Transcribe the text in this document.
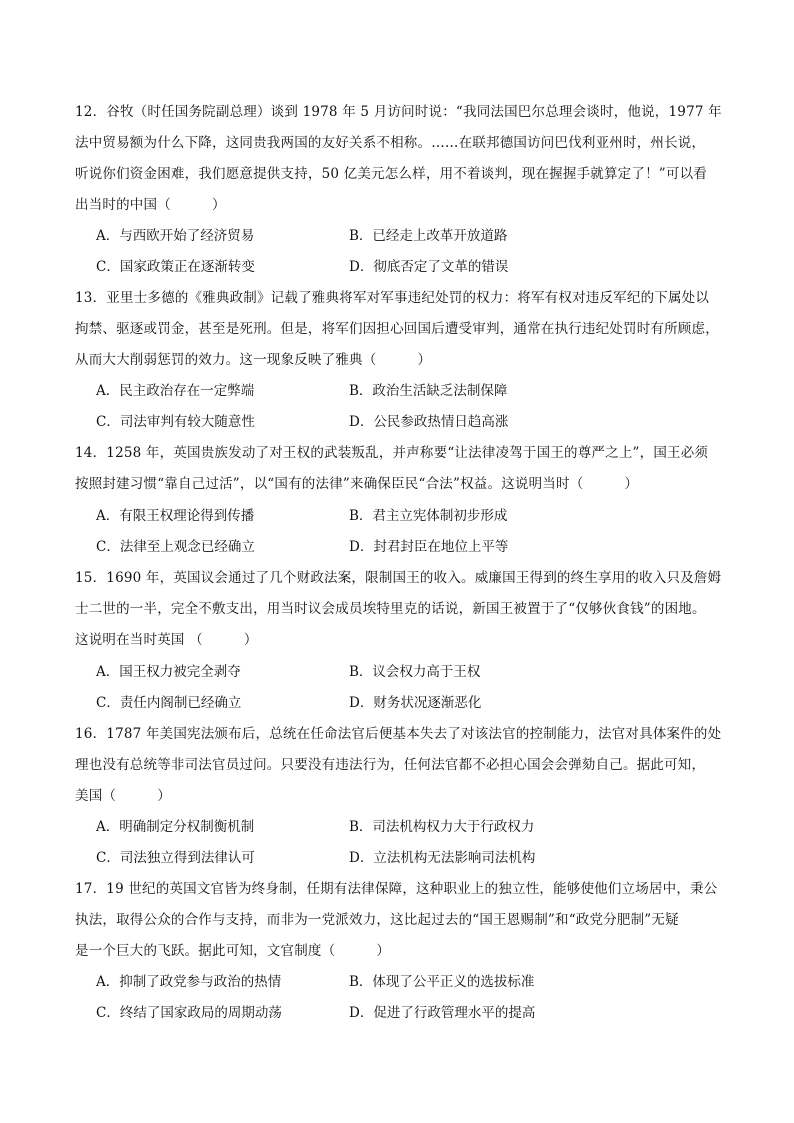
12．谷牧（时任国务院副总理）谈到 1978 年 5 月访问时说：“我同法国巴尔总理会谈时，他说，1977 年
法中贸易额为什么下降，这同贵我两国的友好关系不相称。……在联邦德国访问巴伐利亚州时，州长说，
听说你们资金困难，我们愿意提供支持，50 亿美元怎么样，用不着谈判，现在握握手就算定了！”可以看
出当时的中国（　　　）
A．与西欧开始了经济贸易	B．已经走上改革开放道路
C．国家政策正在逐渐转变	D．彻底否定了文革的错误
13．亚里士多德的《雅典政制》记载了雅典将军对军事违纪处罚的权力：将军有权对违反军纪的下属处以
拘禁、驱逐或罚金，甚至是死刑。但是，将军们因担心回国后遭受审判，通常在执行违纪处罚时有所顾虑，
从而大大削弱惩罚的效力。这一现象反映了雅典（　　　）
A．民主政治存在一定弊端	B．政治生活缺乏法制保障
C．司法审判有较大随意性	D．公民参政热情日趋高涨
14．1258 年，英国贵族发动了对王权的武装叛乱，并声称要“让法律凌驾于国王的尊严之上”，国王必须
按照封建习惯“靠自己过活”，以“国有的法律”来确保臣民“合法”权益。这说明当时（　　　）
A．有限王权理论得到传播	B．君主立宪体制初步形成
C．法律至上观念已经确立	D．封君封臣在地位上平等
15．1690 年，英国议会通过了几个财政法案，限制国王的收入。威廉国王得到的终生享用的收入只及詹姆
士二世的一半，完全不敷支出，用当时议会成员埃特里克的话说，新国王被置于了“仅够伙食钱”的困地。
这说明在当时英国 （　　　）
A．国王权力被完全剥夺	B．议会权力高于王权
C．责任内阁制已经确立	D．财务状况逐渐恶化
16．1787 年美国宪法颁布后，总统在任命法官后便基本失去了对该法官的控制能力，法官对具体案件的处
理也没有总统等非司法官员过问。只要没有违法行为，任何法官都不必担心国会会弹劾自己。据此可知，
美国（　　　）
A．明确制定分权制衡机制	B．司法机构权力大于行政权力
C．司法独立得到法律认可	D．立法机构无法影响司法机构
17．19 世纪的英国文官皆为终身制，任期有法律保障，这种职业上的独立性，能够使他们立场居中，秉公
执法，取得公众的合作与支持，而非为一党派效力，这比起过去的“国王恩赐制”和“政党分肥制”无疑
是一个巨大的飞跃。据此可知，文官制度（　　　）
A．抑制了政党参与政治的热情	B．体现了公平正义的选拔标准
C．终结了国家政局的周期动荡	D．促进了行政管理水平的提高
